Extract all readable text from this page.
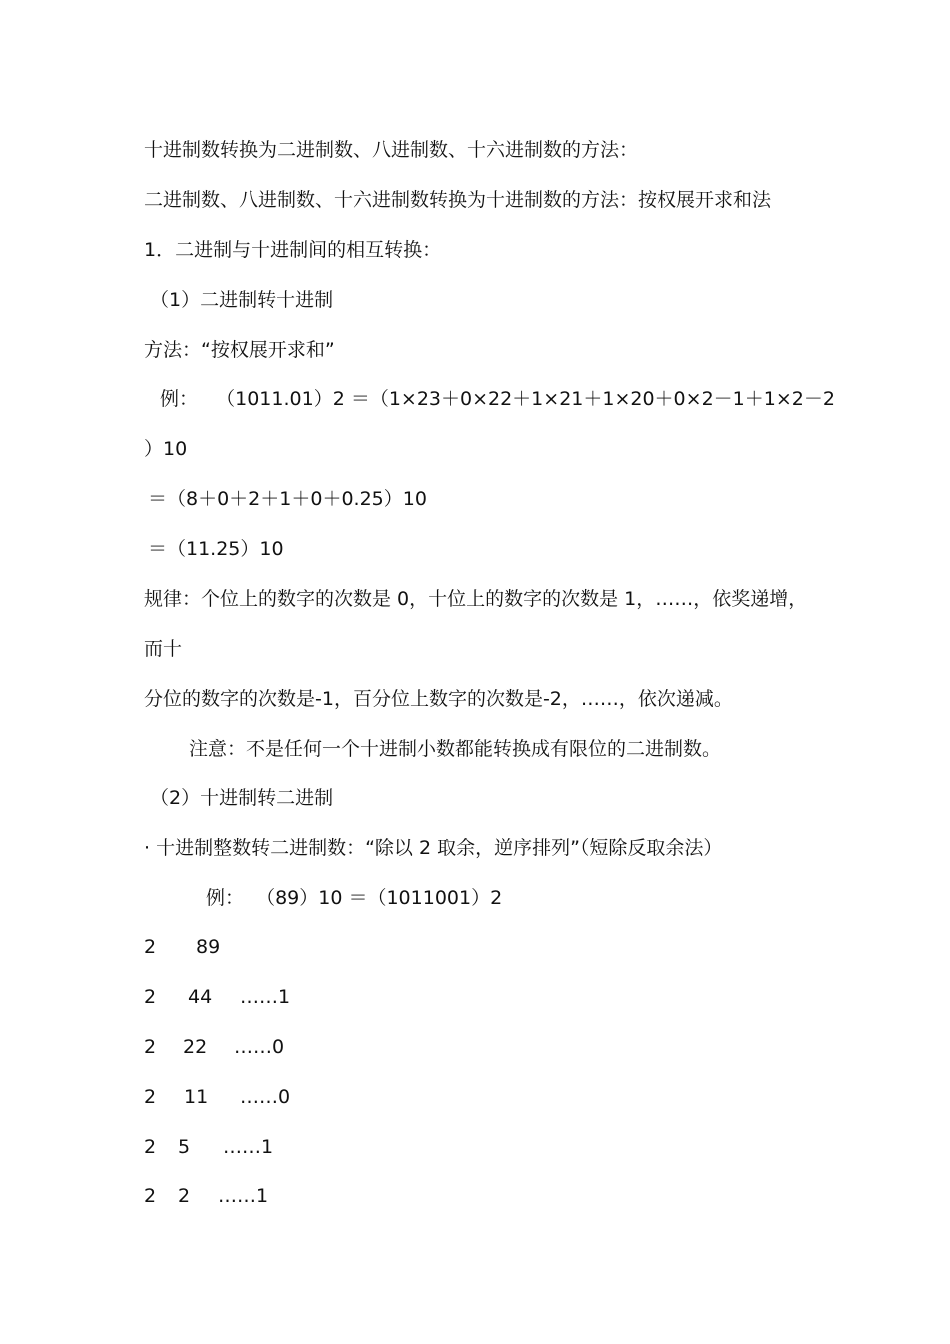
十进制数转换为二进制数、八进制数、十六进制数的方法：
二进制数、八进制数、十六进制数转换为十进制数的方法：按权展开求和法
1．二进制与十进制间的相互转换：
（1）二进制转十进制
方法：“按权展开求和”
例：   （1011.01）2 ＝（1×23＋0×22＋1×21＋1×20＋0×2－1＋1×2－2
）10
＝（8＋0＋2＋1＋0＋0.25）10
＝（11.25）10
规律：个位上的数字的次数是 0，十位上的数字的次数是 1，……，依奖递增，
而十
分位的数字的次数是-1，百分位上数字的次数是-2，……，依次递减。
注意：不是任何一个十进制小数都能转换成有限位的二进制数。
（2）十进制转二进制
· 十进制整数转二进制数：“除以 2 取余，逆序排列”（短除反取余法）
例：  （89）10 ＝（1011001）2
2 89
2 44 ……1
2 22 ……0
2 11 ……0
2 5 ……1
2 2 ……1
